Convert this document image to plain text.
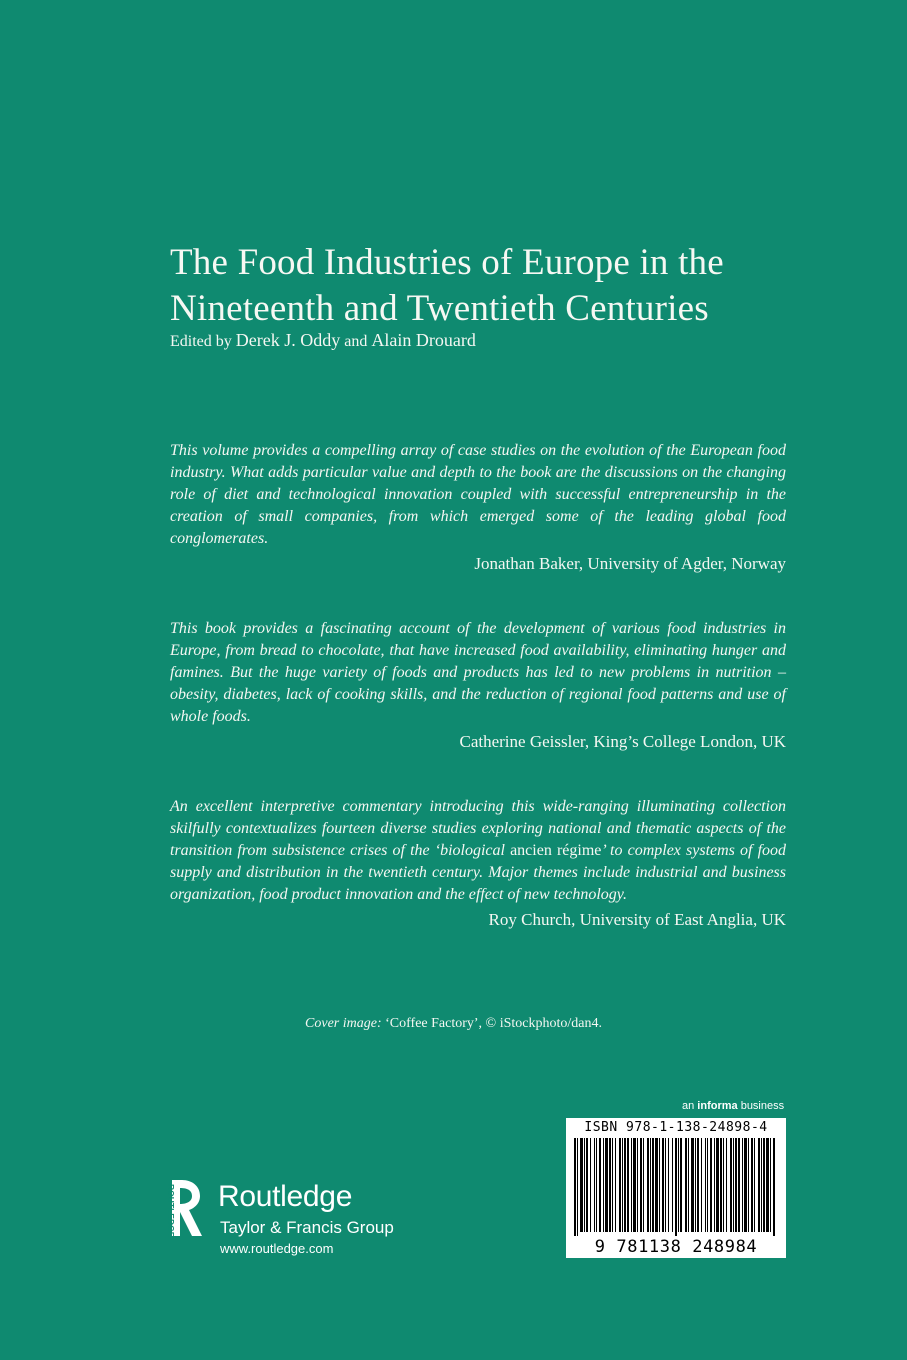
The Food Industries of Europe in the
Nineteenth and Twentieth Centuries
Edited by Derek J. Oddy and Alain Drouard

This volume provides a compelling array of case studies on the evolution of the European food industry. What adds particular value and depth to the book are the discussions on the changing role of diet and technological innovation coupled with successful entrepreneurship in the creation of small companies, from which emerged some of the leading global food conglomerates.

Jonathan Baker, University of Agder, Norway

This book provides a fascinating account of the development of various food industries in Europe, from bread to chocolate, that have increased food availability, eliminating hunger and famines. But the huge variety of foods and products has led to new problems in nutrition – obesity, diabetes, lack of cooking skills, and the reduction of regional food patterns and use of whole foods.

Catherine Geissler, King’s College London, UK

An excellent interpretive commentary introducing this wide-ranging illuminating collection skilfully contextualizes fourteen diverse studies exploring national and thematic aspects of the transition from subsistence crises of the ‘biological ancien régime’ to complex systems of food supply and distribution in the twentieth century. Major themes include industrial and business organization, food product innovation and the effect of new technology.

Roy Church, University of East Anglia, UK

Cover image: ‘Coffee Factory’, © iStockphoto/dan4.
an informa business
ISBN 978-1-138-24898-4
9 781138 248984
ROUTLEDGE Routledge
Taylor & Francis Group
www.routledge.com
